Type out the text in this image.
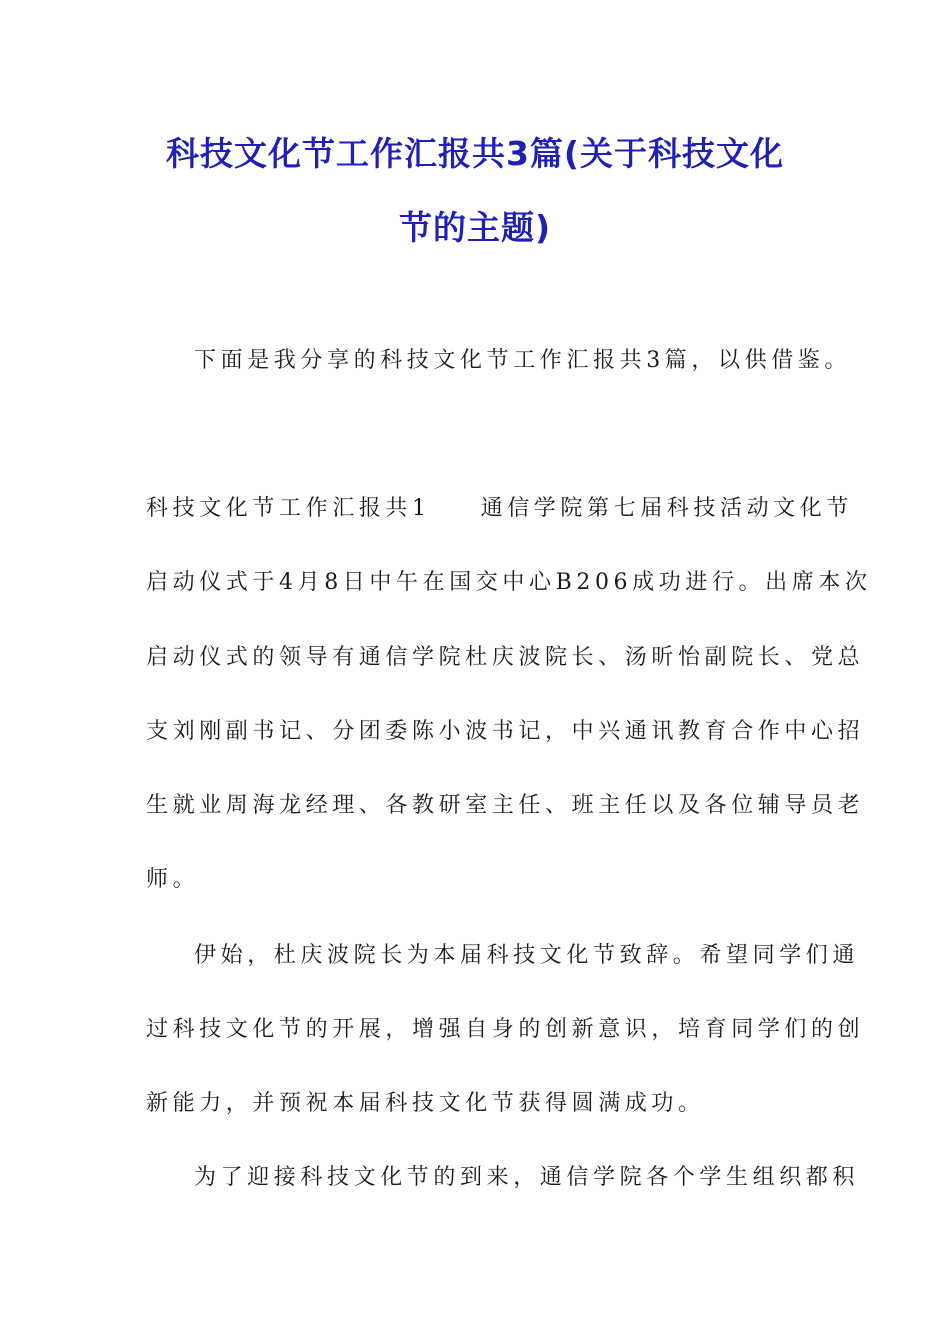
科技文化节工作汇报共3篇(关于科技文化
节的主题)
下面是我分享的科技文化节工作汇报共3篇，以供借鉴。
科技文化节工作汇报共1 通信学院第七届科技活动文化节
启动仪式于4月8日中午在国交中心B206成功进行。出席本次
启动仪式的领导有通信学院杜庆波院长、汤昕怡副院长、党总
支刘刚副书记、分团委陈小波书记，中兴通讯教育合作中心招
生就业周海龙经理、各教研室主任、班主任以及各位辅导员老
师。
伊始，杜庆波院长为本届科技文化节致辞。希望同学们通
过科技文化节的开展，增强自身的创新意识，培育同学们的创
新能力，并预祝本届科技文化节获得圆满成功。
为了迎接科技文化节的到来，通信学院各个学生组织都积
